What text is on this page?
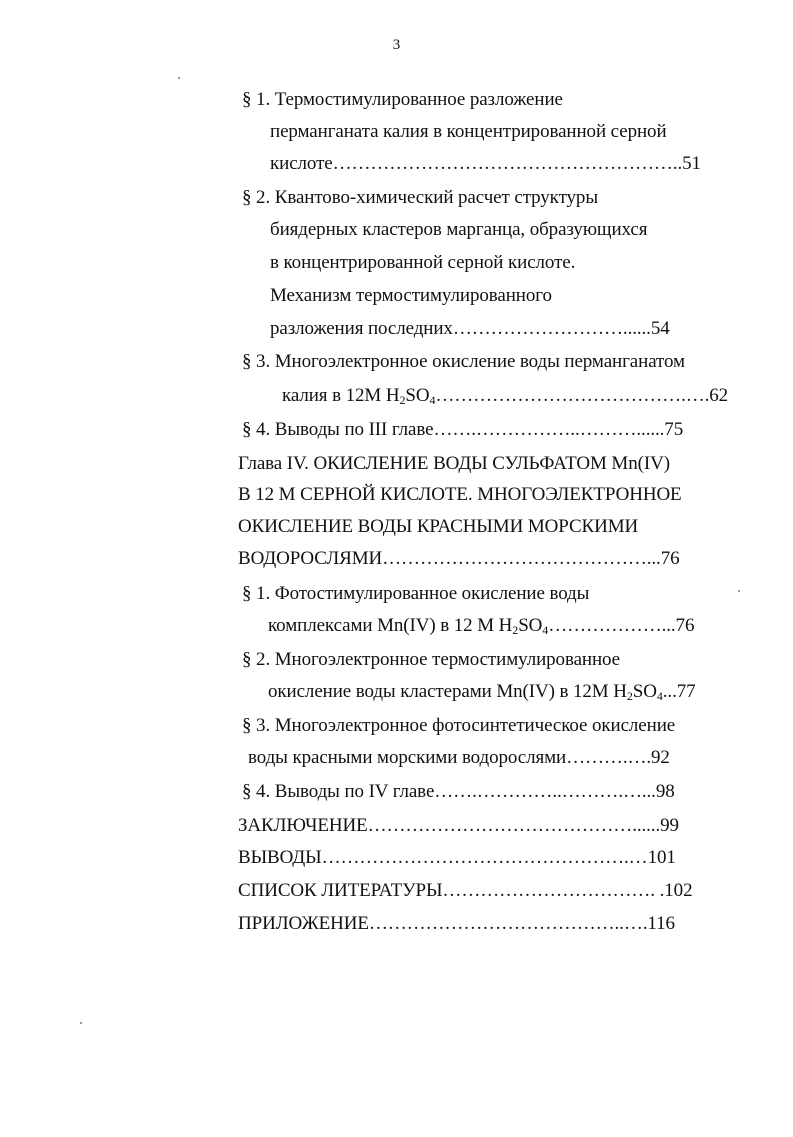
3
§ 1. Термостимулированное разложение
перманганата калия в концентрированной серной
кислоте………………………………………………..51
§ 2. Квантово-химический расчет структуры
биядерных кластеров марганца, образующихся
в концентрированной серной кислоте.
Механизм термостимулированного
разложения последних………………………......54
§ 3. Многоэлектронное окисление воды перманганатом
калия в 12М $H_2SO_4\dots\dots\dots\dots\dots\dots\dots\dots\dots\dots\dots\dots\dots.\dots.62$
§ 4. Выводы по III главе…….……………..………......75
Глава IV. ОКИСЛЕНИЕ ВОДЫ СУЛЬФАТОМ Mn(IV)
В 12 М СЕРНОЙ КИСЛОТЕ. МНОГОЭЛЕКТРОННОЕ
ОКИСЛЕНИЕ ВОДЫ КРАСНЫМИ МОРСКИМИ
ВОДОРОСЛЯМИ……………………………………...76
§ 1. Фотостимулированное окисление воды
комплексами Mn(IV) в 12 М $H_2SO_4\dots\dots\dots\dots\dots\dots...76$
§ 2. Многоэлектронное термостимулированное
окисление воды кластерами Mn(IV) в 12М $H_2SO_4...77$
§ 3. Многоэлектронное фотосинтетическое окисление
воды красными морскими водорослями……….….92
§ 4. Выводы по IV главе…….…………..……….…...98
ЗАКЛЮЧЕНИЕ……………………………………......99
ВЫВОДЫ………………………………………….…101
СПИСОК ЛИТЕРАТУРЫ……………………………. .102
ПРИЛОЖЕНИЕ…………………………………..….116
